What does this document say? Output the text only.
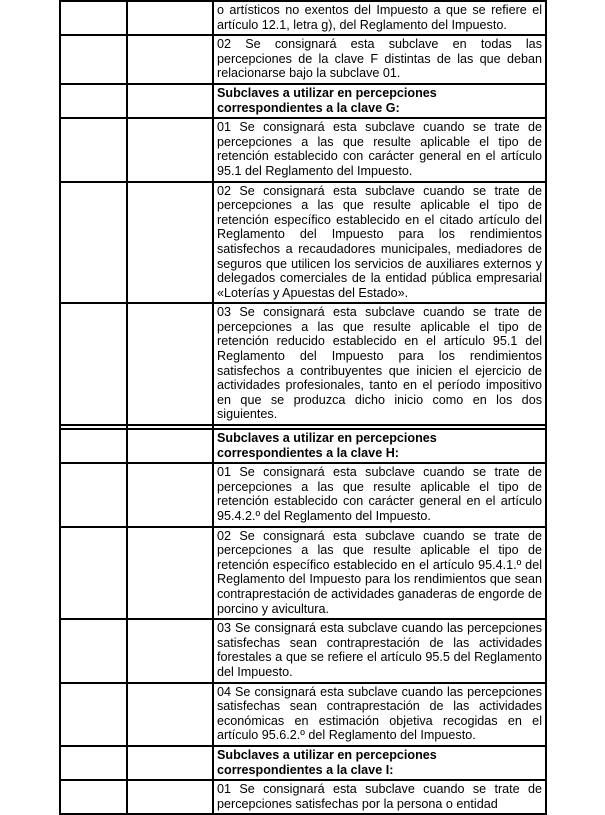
		o artísticos no exentos del Impuesto a que se refiere el artículo 12.1, letra g), del Reglamento del Impuesto.
		02 Se consignará esta subclave en todas las percepciones de la clave F distintas de las que deban relacionarse bajo la subclave 01.
		Subclaves a utilizar en percepciones correspondientes a la clave G:
		01 Se consignará esta subclave cuando se trate de percepciones a las que resulte aplicable el tipo de retención establecido con carácter general en el artículo 95.1 del Reglamento del Impuesto.
		02 Se consignará esta subclave cuando se trate de percepciones a las que resulte aplicable el tipo de retención específico establecido en el citado artículo del Reglamento del Impuesto para los rendimientos satisfechos a recaudadores municipales, mediadores de seguros que utilicen los servicios de auxiliares externos y delegados comerciales de la entidad pública empresarial «Loterías y Apuestas del Estado».
		03 Se consignará esta subclave cuando se trate de percepciones a las que resulte aplicable el tipo de retención reducido establecido en el artículo 95.1 del Reglamento del Impuesto para los rendimientos satisfechos a contribuyentes que inicien el ejercicio de actividades profesionales, tanto en el período impositivo en que se produzca dicho inicio como en los dos siguientes.

		Subclaves a utilizar en percepciones correspondientes a la clave H:
		01 Se consignará esta subclave cuando se trate de percepciones a las que resulte aplicable el tipo de retención establecido con carácter general en el artículo 95.4.2.º del Reglamento del Impuesto.
		02 Se consignará esta subclave cuando se trate de percepciones a las que resulte aplicable el tipo de retención específico establecido en el artículo 95.4.1.º del Reglamento del Impuesto para los rendimientos que sean contraprestación de actividades ganaderas de engorde de porcino y avicultura.
		03 Se consignará esta subclave cuando las percepciones satisfechas sean contraprestación de las actividades forestales a que se refiere el artículo 95.5 del Reglamento del Impuesto.
		04 Se consignará esta subclave cuando las percepciones satisfechas sean contraprestación de las actividades económicas en estimación objetiva recogidas en el artículo 95.6.2.º del Reglamento del Impuesto.
		Subclaves a utilizar en percepciones correspondientes a la clave I:
		01 Se consignará esta subclave cuando se trate de percepciones satisfechas por la persona o entidad
